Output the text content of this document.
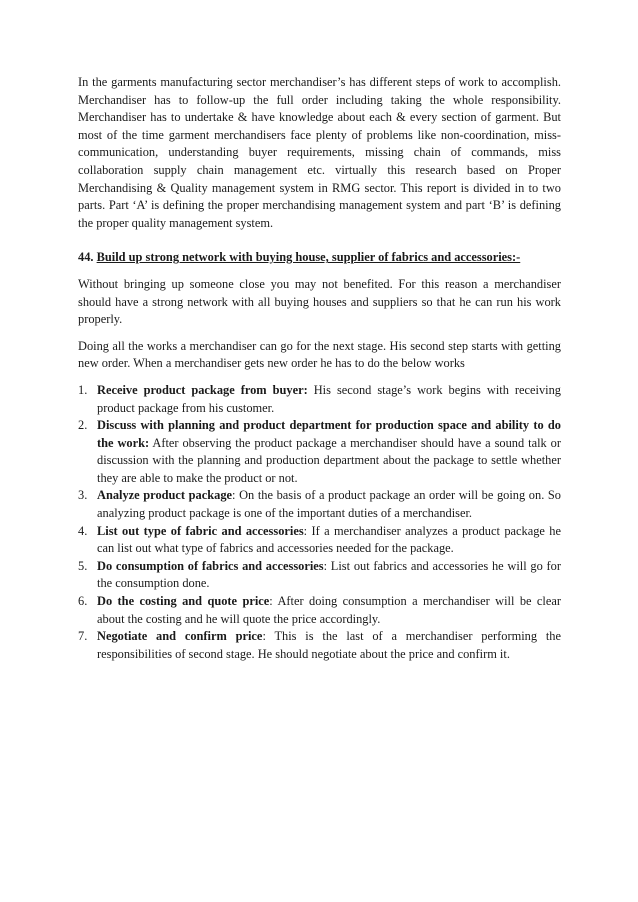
In the garments manufacturing sector merchandiser’s has different steps of work to accomplish. Merchandiser has to follow-up the full order including taking the whole responsibility. Merchandiser has to undertake & have knowledge about each & every section of garment. But most of the time garment merchandisers face plenty of problems like non-coordination, miss-communication, understanding buyer requirements, missing chain of commands, miss collaboration supply chain management etc. virtually this research based on Proper Merchandising & Quality management system in RMG sector. This report is divided in to two parts. Part ‘A’ is defining the proper merchandising management system and part ‘B’ is defining the proper quality management system.

44. Build up strong network with buying house, supplier of fabrics and accessories:-

Without bringing up someone close you may not benefited. For this reason a merchandiser should have a strong network with all buying houses and suppliers so that he can run his work properly.

Doing all the works a merchandiser can go for the next stage. His second step starts with getting new order. When a merchandiser gets new order he has to do the below works

1. Receive product package from buyer: His second stage’s work begins with receiving product package from his customer.
2. Discuss with planning and product department for production space and ability to do the work: After observing the product package a merchandiser should have a sound talk or discussion with the planning and production department about the package to settle whether they are able to make the product or not.
3. Analyze product package: On the basis of a product package an order will be going on. So analyzing product package is one of the important duties of a merchandiser.
4. List out type of fabric and accessories: If a merchandiser analyzes a product package he can list out what type of fabrics and accessories needed for the package.
5. Do consumption of fabrics and accessories: List out fabrics and accessories he will go for the consumption done.
6. Do the costing and quote price: After doing consumption a merchandiser will be clear about the costing and he will quote the price accordingly.
7. Negotiate and confirm price: This is the last of a merchandiser performing the responsibilities of second stage. He should negotiate about the price and confirm it.
